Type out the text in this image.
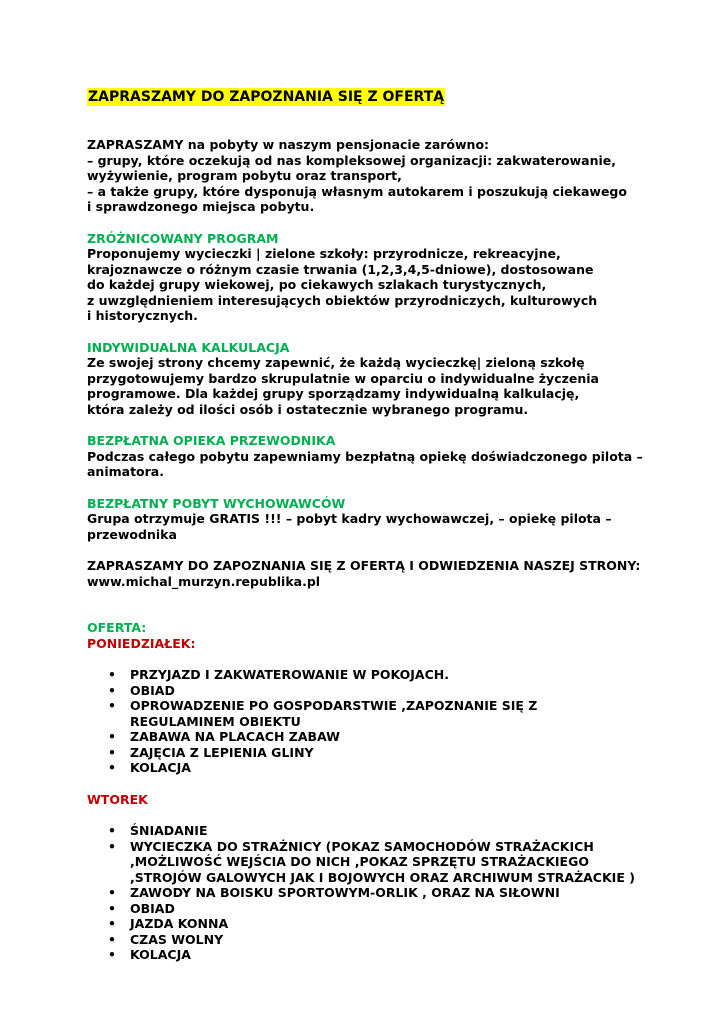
ZAPRASZAMY DO ZAPOZNANIA SIĘ Z OFERTĄ
ZAPRASZAMY na pobyty w naszym pensjonacie zarówno:
– grupy, które oczekują od nas kompleksowej organizacji: zakwaterowanie,
wyżywienie, program pobytu oraz transport,
– a także grupy, które dysponują własnym autokarem i poszukują ciekawego
i sprawdzonego miejsca pobytu.
ZRÓŻNICOWANY PROGRAM
Proponujemy wycieczki | zielone szkoły: przyrodnicze, rekreacyjne,
krajoznawcze o różnym czasie trwania (1,2,3,4,5-dniowe), dostosowane
do każdej grupy wiekowej, po ciekawych szlakach turystycznych,
z uwzględnieniem interesujących obiektów przyrodniczych, kulturowych
i historycznych.
INDYWIDUALNA KALKULACJA
Ze swojej strony chcemy zapewnić, że każdą wycieczkę| zieloną szkołę
przygotowujemy bardzo skrupulatnie w oparciu o indywidualne życzenia
programowe. Dla każdej grupy sporządzamy indywidualną kalkulację,
która zależy od ilości osób i ostatecznie wybranego programu.
BEZPŁATNA OPIEKA PRZEWODNIKA
Podczas całego pobytu zapewniamy bezpłatną opiekę doświadczonego pilota –
animatora.
BEZPŁATNY POBYT WYCHOWAWCÓW
Grupa otrzymuje GRATIS !!! – pobyt kadry wychowawczej, – opiekę pilota –
przewodnika
ZAPRASZAMY DO ZAPOZNANIA SIĘ Z OFERTĄ I ODWIEDZENIA NASZEJ STRONY:
www.michal_murzyn.republika.pl
OFERTA:
PONIEDZIAŁEK:
• PRZYJAZD I ZAKWATEROWANIE W POKOJACH.
• OBIAD
• OPROWADZENIE PO GOSPODARSTWIE ,ZAPOZNANIE SIĘ Z
REGULAMINEM OBIEKTU
• ZABAWA NA PLACACH ZABAW
• ZAJĘCIA Z LEPIENIA GLINY
• KOLACJA
WTOREK
• ŚNIADANIE
• WYCIECZKA DO STRAŻNICY (POKAZ SAMOCHODÓW STRAŻACKICH
,MOŻLIWOŚĆ WEJŚCIA DO NICH ,POKAZ SPRZĘTU STRAŻACKIEGO
,STROJÓW GALOWYCH JAK I BOJOWYCH ORAZ ARCHIWUM STRAŻACKIE )
• ZAWODY NA BOISKU SPORTOWYM-ORLIK , ORAZ NA SIŁOWNI
• OBIAD
• JAZDA KONNA
• CZAS WOLNY
• KOLACJA
